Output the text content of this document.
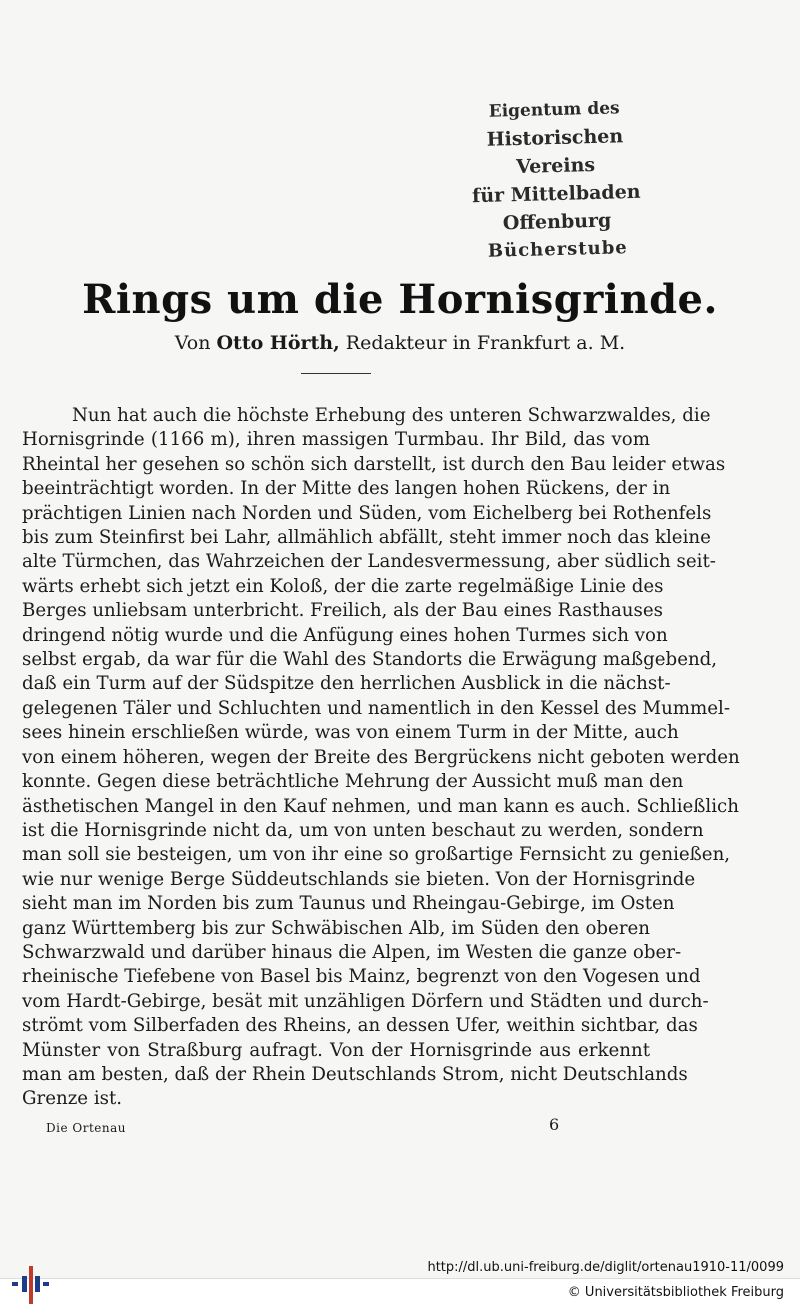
Eigentum des
Historischen Vereins
für Mittelbaden
Offenburg
Bücherstube
Rings um die Hornisgrinde.
Von Otto Hörth, Redakteur in Frankfurt a. M.
Nun hat auch die höchste Erhebung des unteren Schwarzwaldes, die
Hornisgrinde (1166 m), ihren massigen Turmbau. Ihr Bild, das vom
Rheintal her gesehen so schön sich darstellt, ist durch den Bau leider etwas
beeinträchtigt worden. In der Mitte des langen hohen Rückens, der in
prächtigen Linien nach Norden und Süden, vom Eichelberg bei Rothenfels
bis zum Steinfirst bei Lahr, allmählich abfällt, steht immer noch das kleine
alte Türmchen, das Wahrzeichen der Landesvermessung, aber südlich seit-
wärts erhebt sich jetzt ein Koloß, der die zarte regelmäßige Linie des
Berges unliebsam unterbricht. Freilich, als der Bau eines Rasthauses
dringend nötig wurde und die Anfügung eines hohen Turmes sich von
selbst ergab, da war für die Wahl des Standorts die Erwägung maßgebend,
daß ein Turm auf der Südspitze den herrlichen Ausblick in die nächst-
gelegenen Täler und Schluchten und namentlich in den Kessel des Mummel-
sees hinein erschließen würde, was von einem Turm in der Mitte, auch
von einem höheren, wegen der Breite des Bergrückens nicht geboten werden
konnte. Gegen diese beträchtliche Mehrung der Aussicht muß man den
ästhetischen Mangel in den Kauf nehmen, und man kann es auch. Schließlich
ist die Hornisgrinde nicht da, um von unten beschaut zu werden, sondern
man soll sie besteigen, um von ihr eine so großartige Fernsicht zu genießen,
wie nur wenige Berge Süddeutschlands sie bieten. Von der Hornisgrinde
sieht man im Norden bis zum Taunus und Rheingau-Gebirge, im Osten
ganz Württemberg bis zur Schwäbischen Alb, im Süden den oberen
Schwarzwald und darüber hinaus die Alpen, im Westen die ganze ober-
rheinische Tiefebene von Basel bis Mainz, begrenzt von den Vogesen und
vom Hardt-Gebirge, besät mit unzähligen Dörfern und Städten und durch-
strömt vom Silberfaden des Rheins, an dessen Ufer, weithin sichtbar, das
Münster von Straßburg aufragt. Von der Hornisgrinde aus erkennt
man am besten, daß der Rhein Deutschlands Strom, nicht Deutschlands
Grenze ist.
Die Ortenau	6
http://dl.ub.uni-freiburg.de/diglit/ortenau1910-11/0099
© Universitätsbibliothek Freiburg
